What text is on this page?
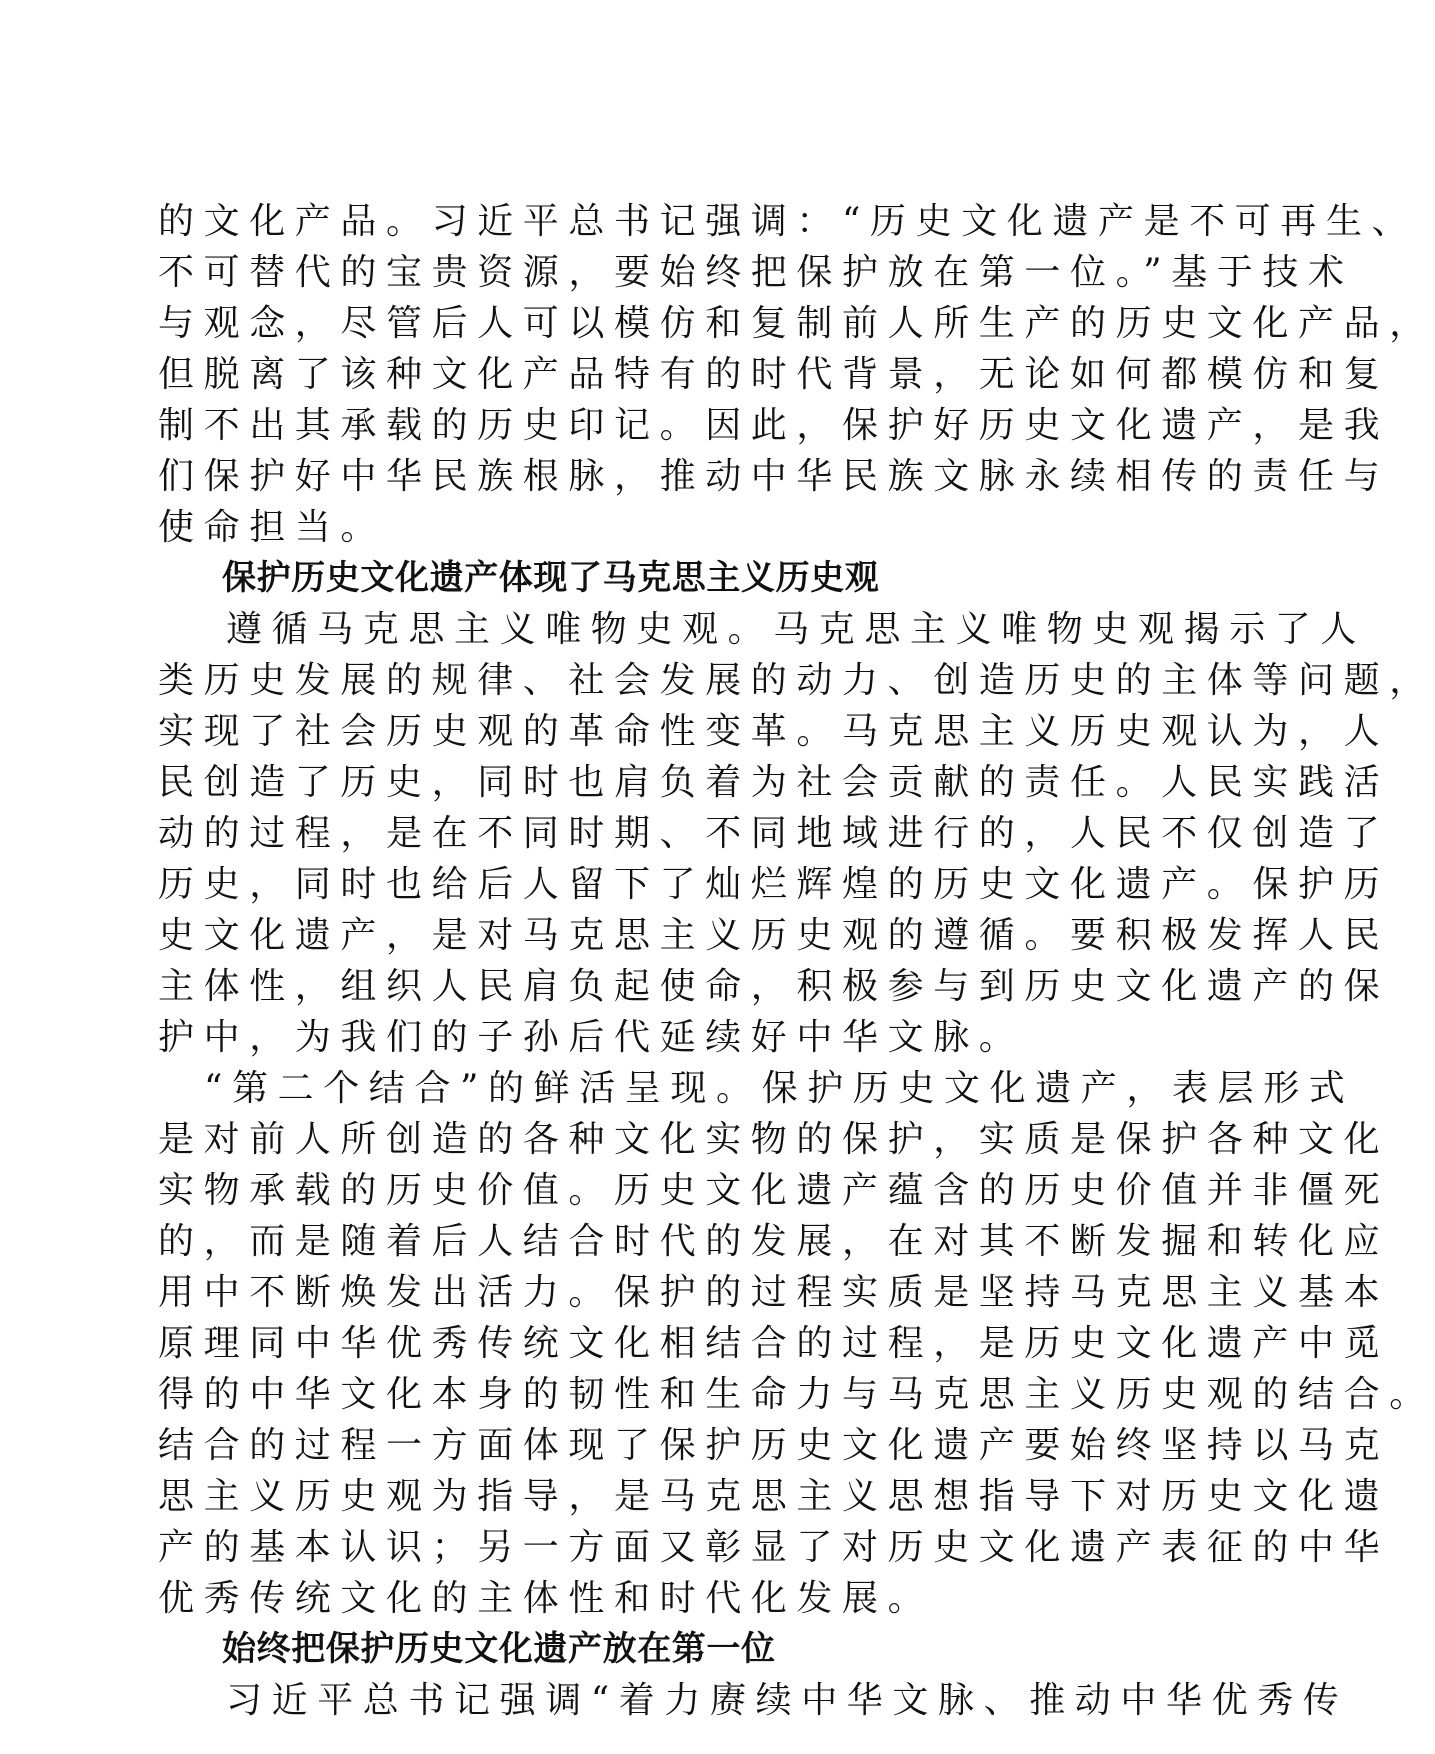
的文化产品。习近平总书记强调：“历史文化遗产是不可再生、
不可替代的宝贵资源，要始终把保护放在第一位。”基于技术
与观念，尽管后人可以模仿和复制前人所生产的历史文化产品，
但脱离了该种文化产品特有的时代背景，无论如何都模仿和复
制不出其承载的历史印记。因此，保护好历史文化遗产，是我
们保护好中华民族根脉，推动中华民族文脉永续相传的责任与
使命担当。
保护历史文化遗产体现了马克思主义历史观
遵循马克思主义唯物史观。马克思主义唯物史观揭示了人
类历史发展的规律、社会发展的动力、创造历史的主体等问题，
实现了社会历史观的革命性变革。马克思主义历史观认为，人
民创造了历史，同时也肩负着为社会贡献的责任。人民实践活
动的过程，是在不同时期、不同地域进行的，人民不仅创造了
历史，同时也给后人留下了灿烂辉煌的历史文化遗产。保护历
史文化遗产，是对马克思主义历史观的遵循。要积极发挥人民
主体性，组织人民肩负起使命，积极参与到历史文化遗产的保
护中，为我们的子孙后代延续好中华文脉。
“第二个结合”的鲜活呈现。保护历史文化遗产，表层形式
是对前人所创造的各种文化实物的保护，实质是保护各种文化
实物承载的历史价值。历史文化遗产蕴含的历史价值并非僵死
的，而是随着后人结合时代的发展，在对其不断发掘和转化应
用中不断焕发出活力。保护的过程实质是坚持马克思主义基本
原理同中华优秀传统文化相结合的过程，是历史文化遗产中觅
得的中华文化本身的韧性和生命力与马克思主义历史观的结合。
结合的过程一方面体现了保护历史文化遗产要始终坚持以马克
思主义历史观为指导，是马克思主义思想指导下对历史文化遗
产的基本认识；另一方面又彰显了对历史文化遗产表征的中华
优秀传统文化的主体性和时代化发展。
始终把保护历史文化遗产放在第一位
习近平总书记强调“着力赓续中华文脉、推动中华优秀传
